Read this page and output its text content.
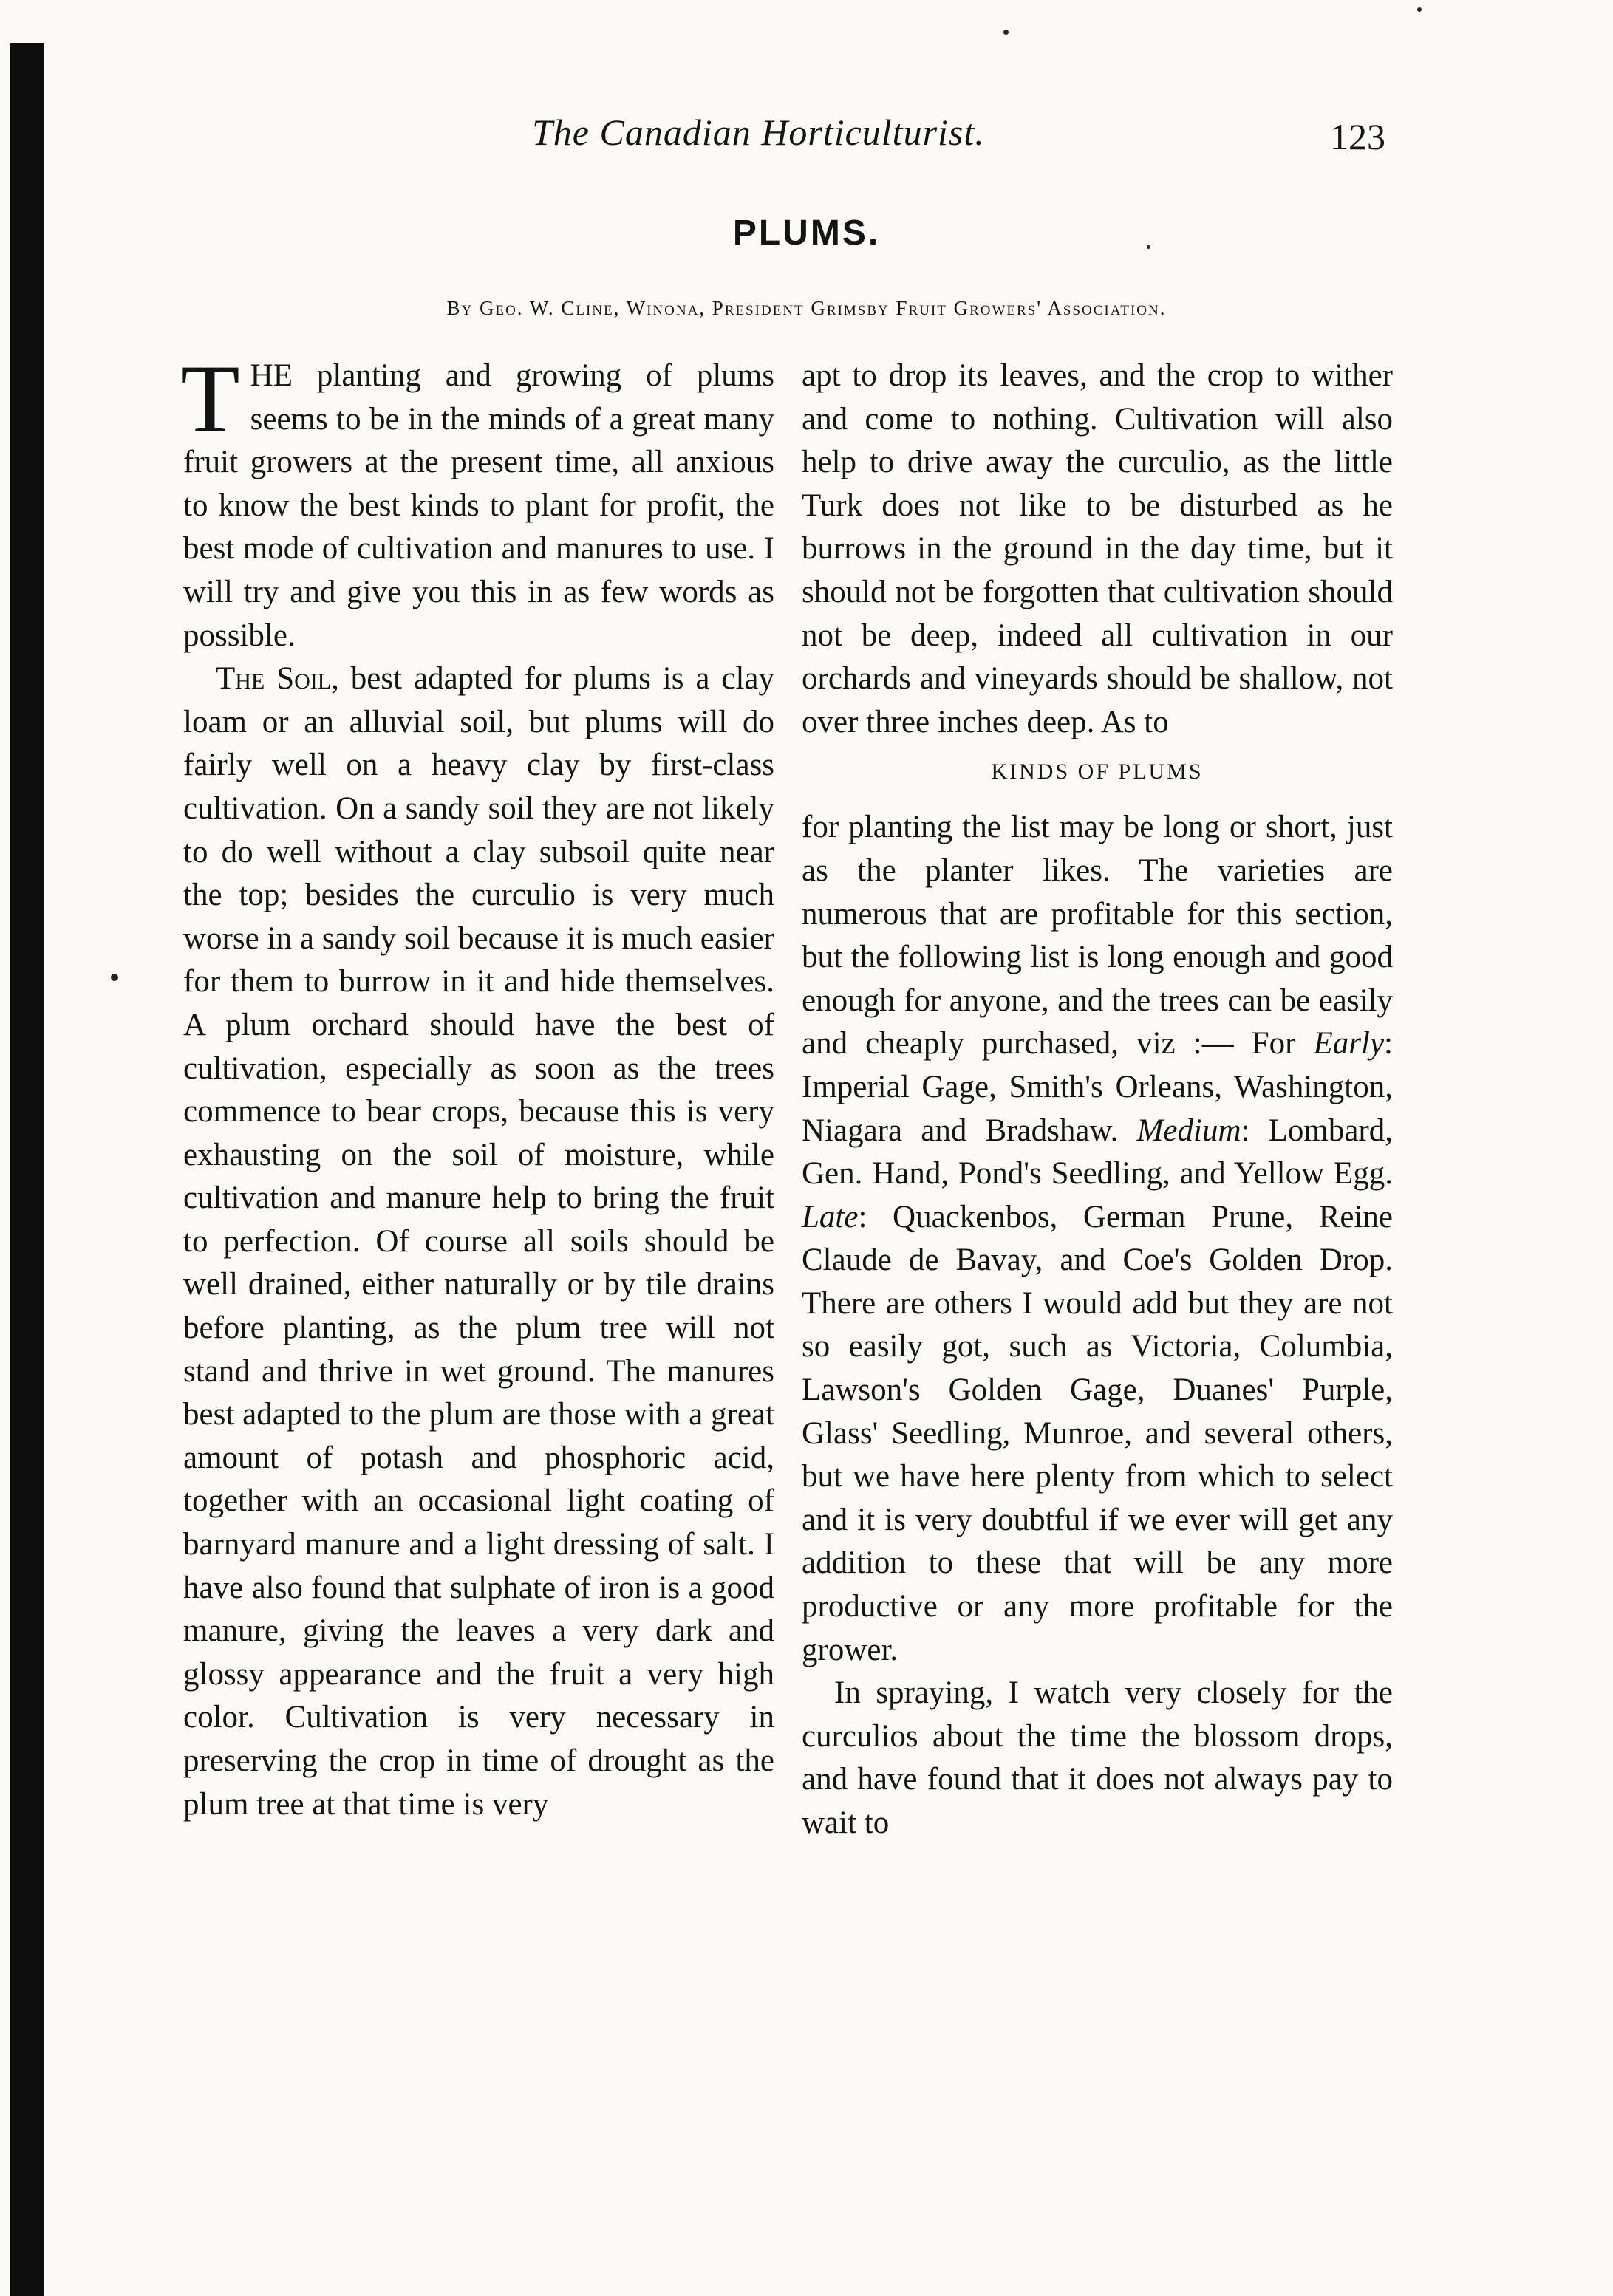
The Canadian Horticulturist.	123
PLUMS.
By Geo. W. Cline, Winona, President Grimsby Fruit Growers' Association.

THE planting and growing of plums seems to be in the minds of a great many fruit growers at the present time, all anxious to know the best kinds to plant for profit, the best mode of cultivation and manures to use. I will try and give you this in as few words as possible.

The Soil, best adapted for plums is a clay loam or an alluvial soil, but plums will do fairly well on a heavy clay by first-class cultivation. On a sandy soil they are not likely to do well without a clay subsoil quite near the top; besides the curculio is very much worse in a sandy soil because it is much easier for them to burrow in it and hide themselves. A plum orchard should have the best of cultivation, especially as soon as the trees commence to bear crops, because this is very exhausting on the soil of moisture, while cultivation and manure help to bring the fruit to perfection. Of course all soils should be well drained, either naturally or by tile drains before planting, as the plum tree will not stand and thrive in wet ground. The manures best adapted to the plum are those with a great amount of potash and phosphoric acid, together with an occasional light coating of barnyard manure and a light dressing of salt. I have also found that sulphate of iron is a good manure, giving the leaves a very dark and glossy appearance and the fruit a very high color. Cultivation is very necessary in preserving the crop in time of drought as the plum tree at that time is very

apt to drop its leaves, and the crop to wither and come to nothing. Cultivation will also help to drive away the curculio, as the little Turk does not like to be disturbed as he burrows in the ground in the day time, but it should not be forgotten that cultivation should not be deep, indeed all cultivation in our orchards and vineyards should be shallow, not over three inches deep. As to

KINDS OF PLUMS

for planting the list may be long or short, just as the planter likes. The varieties are numerous that are profitable for this section, but the following list is long enough and good enough for anyone, and the trees can be easily and cheaply purchased, viz :— For Early: Imperial Gage, Smith's Orleans, Washington, Niagara and Bradshaw. Medium: Lombard, Gen. Hand, Pond's Seedling, and Yellow Egg. Late: Quackenbos, German Prune, Reine Claude de Bavay, and Coe's Golden Drop. There are others I would add but they are not so easily got, such as Victoria, Columbia, Lawson's Golden Gage, Duanes' Purple, Glass' Seedling, Munroe, and several others, but we have here plenty from which to select and it is very doubtful if we ever will get any addition to these that will be any more productive or any more profitable for the grower.

In spraying, I watch very closely for the curculios about the time the blossom drops, and have found that it does not always pay to wait to
